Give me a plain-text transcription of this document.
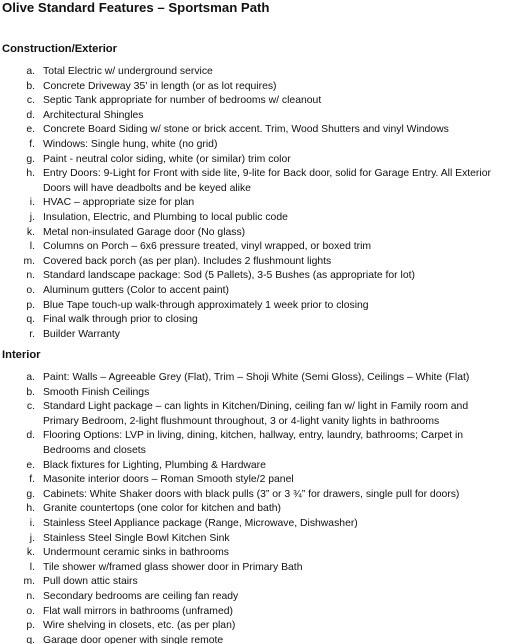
Olive Standard Features – Sportsman Path
Construction/Exterior
a. Total Electric w/ underground service
b. Concrete Driveway 35’ in length (or as lot requires)
c. Septic Tank appropriate for number of bedrooms w/ cleanout
d. Architectural Shingles
e. Concrete Board Siding w/ stone or brick accent. Trim, Wood Shutters and vinyl Windows
f. Windows: Single hung, white (no grid)
g. Paint - neutral color siding, white (or similar) trim color
h. Entry Doors: 9-Light for Front with side lite, 9-lite for Back door, solid for Garage Entry. All Exterior Doors will have deadbolts and be keyed alike
i. HVAC – appropriate size for plan
j. Insulation, Electric, and Plumbing to local public code
k. Metal non-insulated Garage door (No glass)
l. Columns on Porch – 6x6 pressure treated, vinyl wrapped, or boxed trim
m. Covered back porch (as per plan). Includes 2 flushmount lights
n. Standard landscape package: Sod (5 Pallets), 3-5 Bushes (as appropriate for lot)
o. Aluminum gutters (Color to accent paint)
p. Blue Tape touch-up walk-through approximately 1 week prior to closing
q. Final walk through prior to closing
r. Builder Warranty
Interior
a. Paint: Walls – Agreeable Grey (Flat), Trim – Shoji White (Semi Gloss), Ceilings – White (Flat)
b. Smooth Finish Ceilings
c. Standard Light package – can lights in Kitchen/Dining, ceiling fan w/ light in Family room and Primary Bedroom, 2-light flushmount throughout, 3 or 4-light vanity lights in bathrooms
d. Flooring Options: LVP in living, dining, kitchen, hallway, entry, laundry, bathrooms; Carpet in Bedrooms and closets
e. Black fixtures for Lighting, Plumbing & Hardware
f. Masonite interior doors – Roman Smooth style/2 panel
g. Cabinets: White Shaker doors with black pulls (3” or 3 ¾” for drawers, single pull for doors)
h. Granite countertops (one color for kitchen and bath)
i. Stainless Steel Appliance package (Range, Microwave, Dishwasher)
j. Stainless Steel Single Bowl Kitchen Sink
k. Undermount ceramic sinks in bathrooms
l. Tile shower w/framed glass shower door in Primary Bath
m. Pull down attic stairs
n. Secondary bedrooms are ceiling fan ready
o. Flat wall mirrors in bathrooms (unframed)
p. Wire shelving in closets, etc. (as per plan)
q. Garage door opener with single remote
